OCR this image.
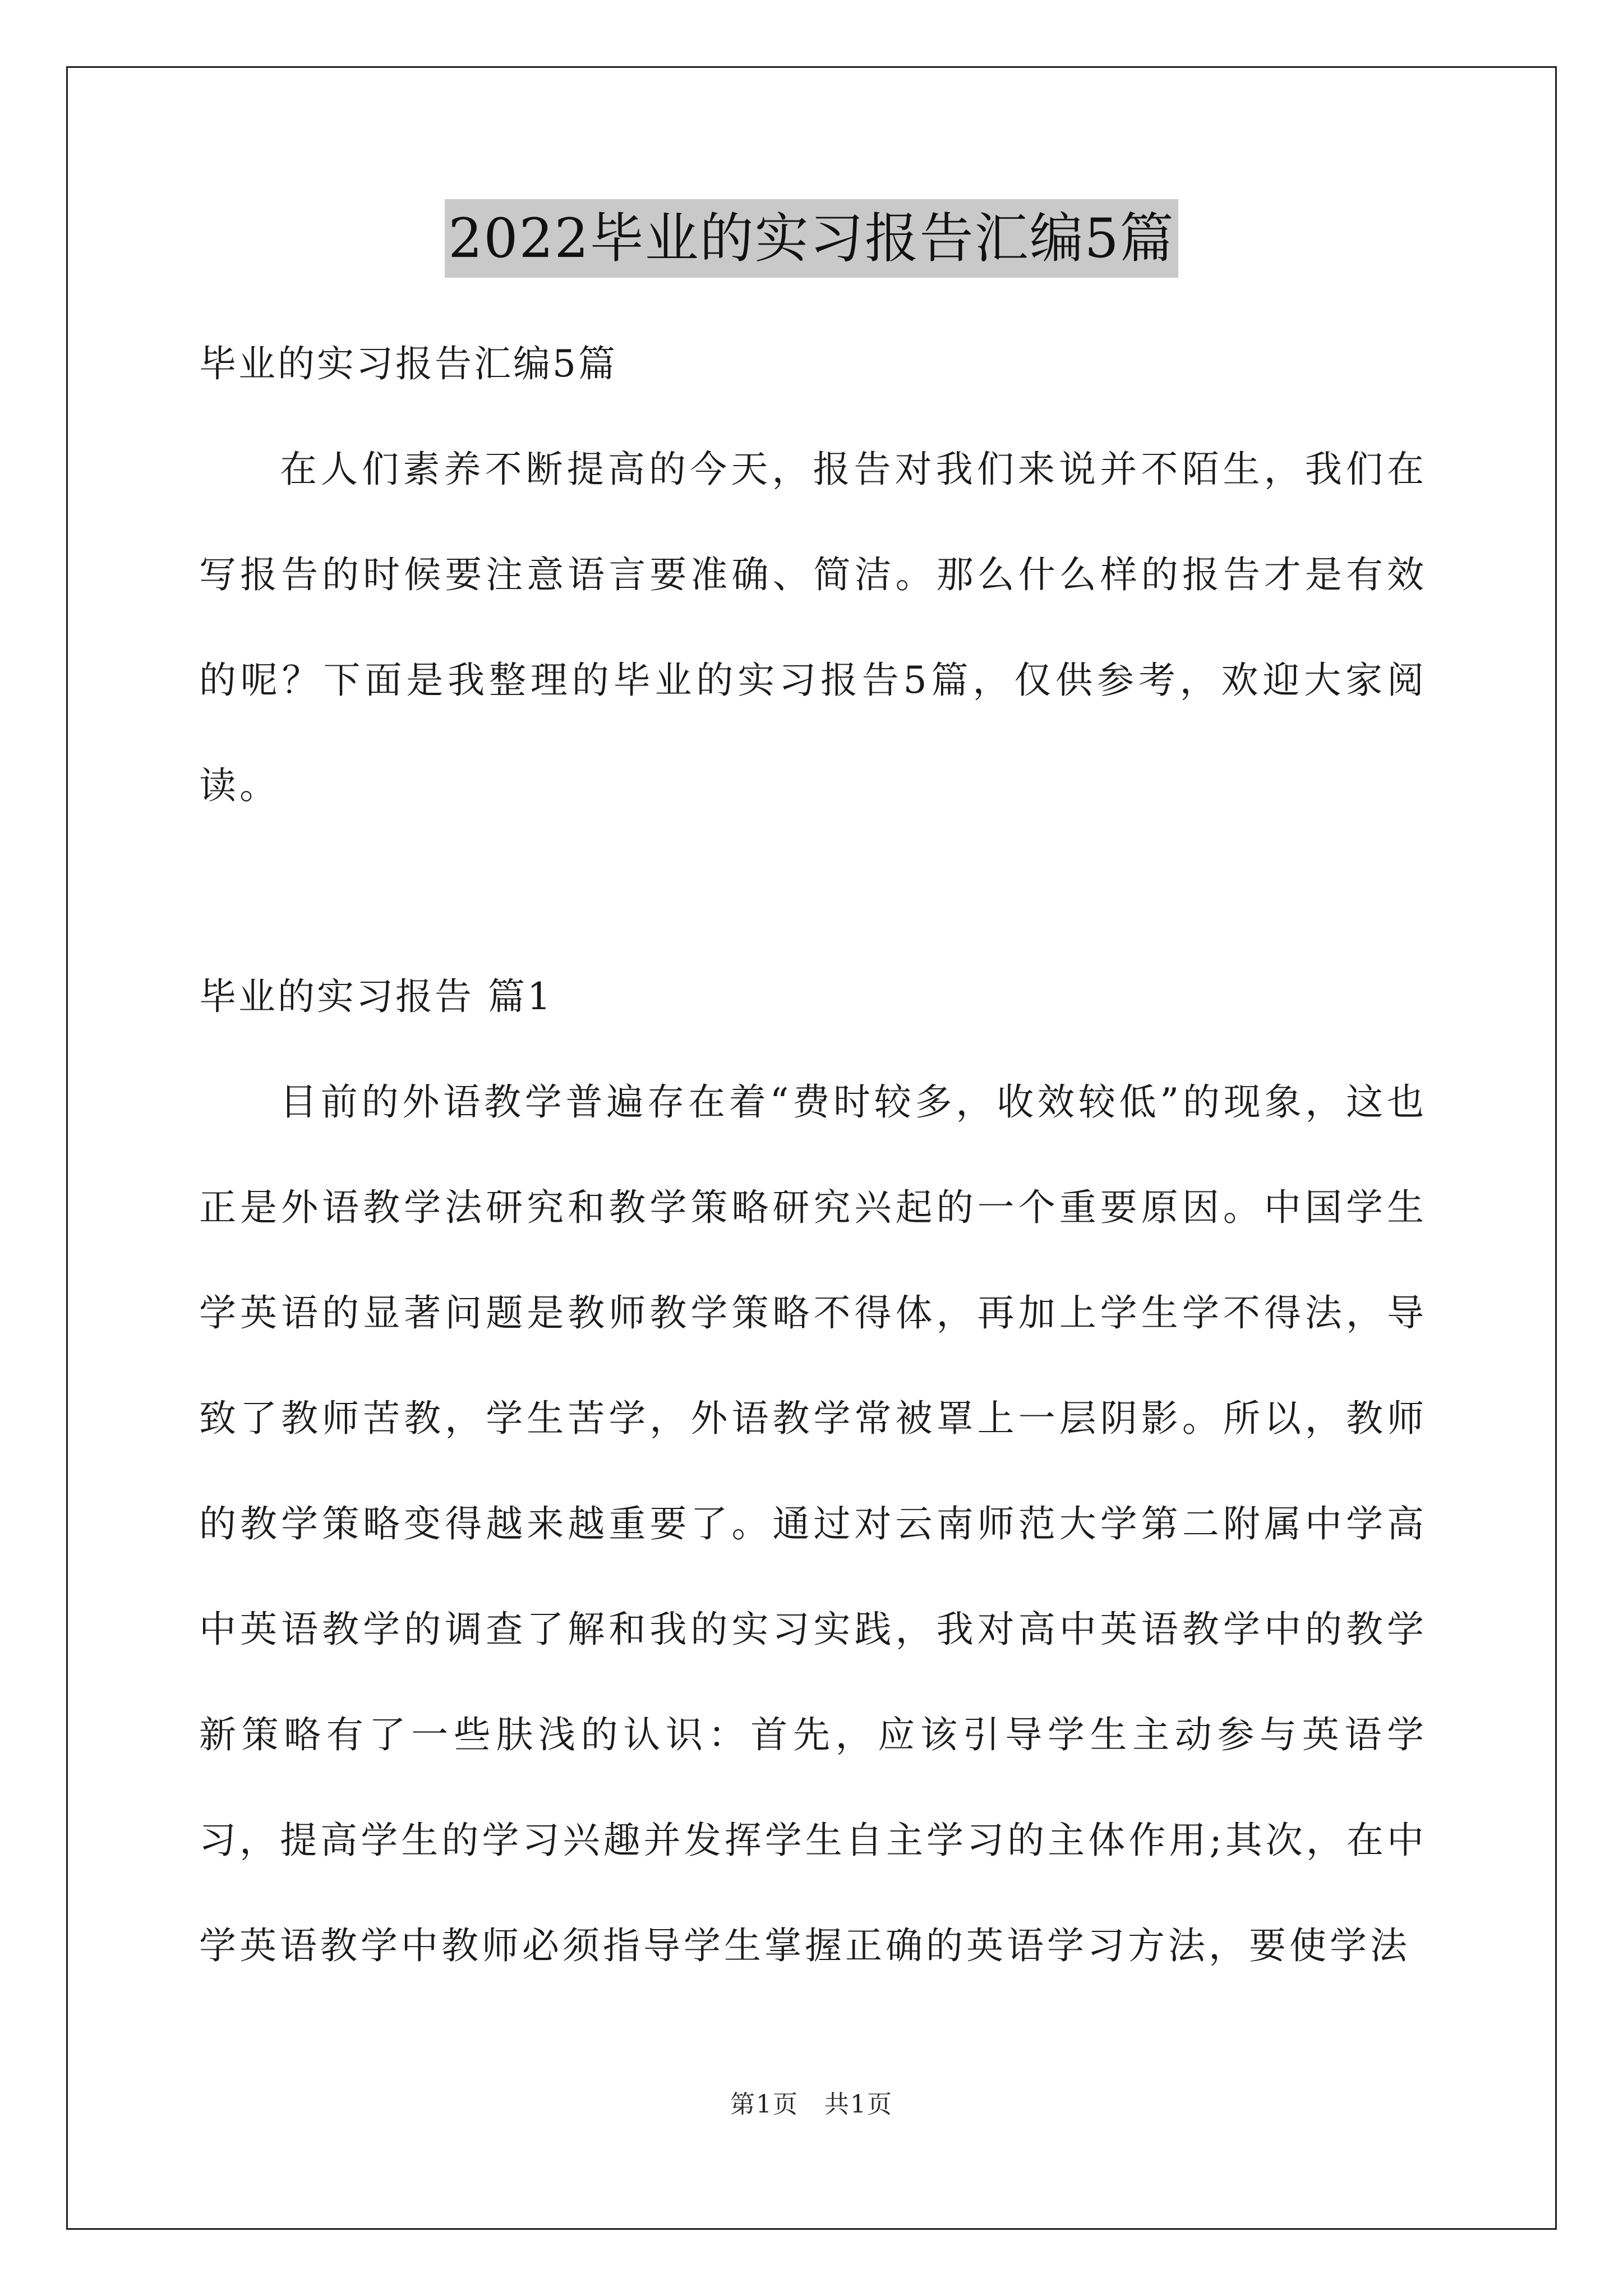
2022毕业的实习报告汇编5篇

毕业的实习报告汇编5篇

在人们素养不断提高的今天，报告对我们来说并不陌生，我们在写报告的时候要注意语言要准确、简洁。那么什么样的报告才是有效的呢？下面是我整理的毕业的实习报告5篇，仅供参考，欢迎大家阅读。

毕业的实习报告 篇1

目前的外语教学普遍存在着“费时较多，收效较低”的现象，这也正是外语教学法研究和教学策略研究兴起的一个重要原因。中国学生学英语的显著问题是教师教学策略不得体，再加上学生学不得法，导致了教师苦教，学生苦学，外语教学常被罩上一层阴影。所以，教师的教学策略变得越来越重要了。通过对云南师范大学第二附属中学高中英语教学的调查了解和我的实习实践，我对高中英语教学中的教学新策略有了一些肤浅的认识：首先，应该引导学生主动参与英语学习，提高学生的学习兴趣并发挥学生自主学习的主体作用;其次，在中学英语教学中教师必须指导学生掌握正确的英语学习方法，要使学法

第1页　共1页
